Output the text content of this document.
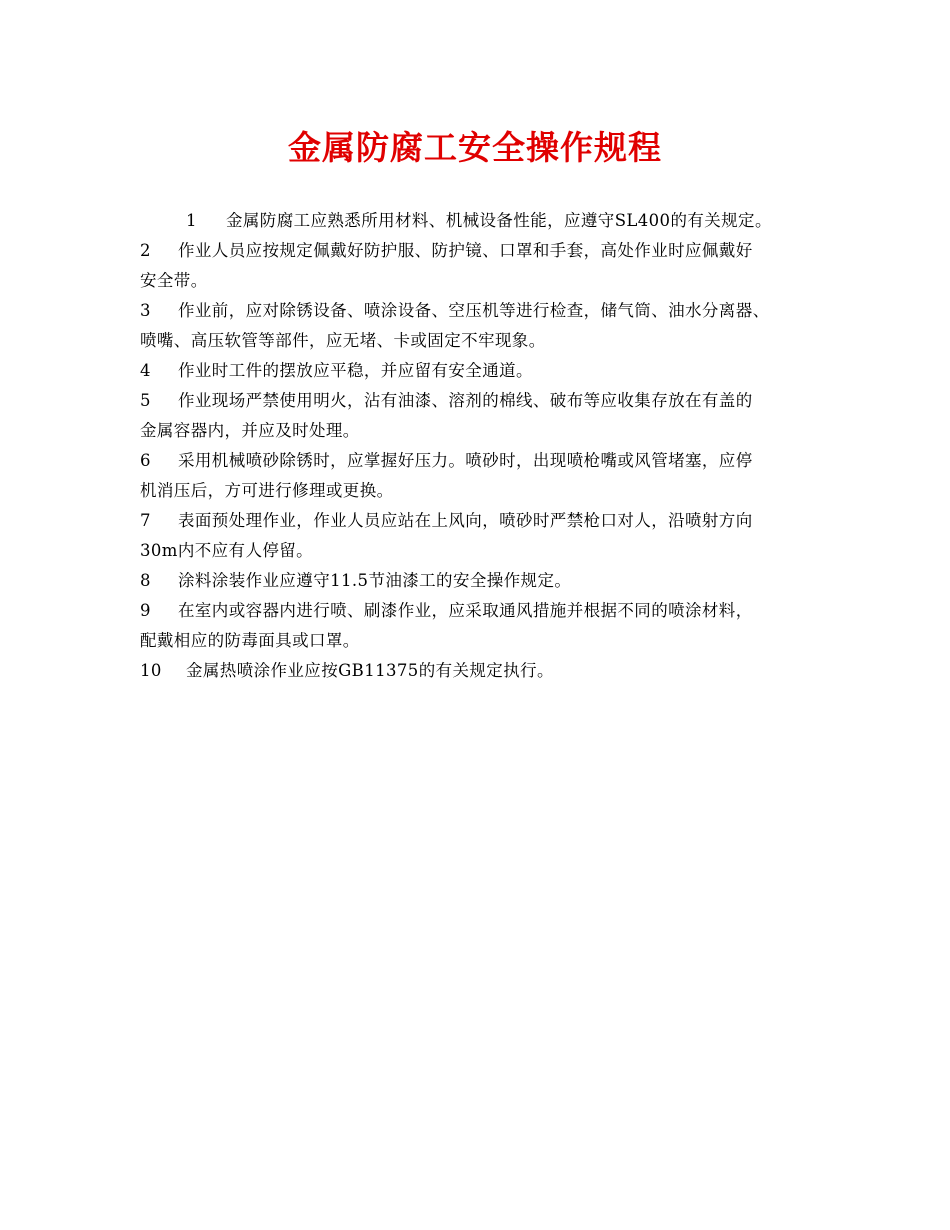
金属防腐工安全操作规程

1 金属防腐工应熟悉所用材料、机械设备性能，应遵守SL400的有关规定。

2 作业人员应按规定佩戴好防护服、防护镜、口罩和手套，高处作业时应佩戴好
安全带。

3 作业前，应对除锈设备、喷涂设备、空压机等进行检查，储气筒、油水分离器、
喷嘴、高压软管等部件，应无堵、卡或固定不牢现象。

4 作业时工件的摆放应平稳，并应留有安全通道。

5 作业现场严禁使用明火，沾有油漆、溶剂的棉线、破布等应收集存放在有盖的
金属容器内，并应及时处理。

6 采用机械喷砂除锈时，应掌握好压力。喷砂时，出现喷枪嘴或风管堵塞，应停
机消压后，方可进行修理或更换。

7 表面预处理作业，作业人员应站在上风向，喷砂时严禁枪口对人，沿喷射方向
30m内不应有人停留。

8 涂料涂装作业应遵守11.5节油漆工的安全操作规定。

9 在室内或容器内进行喷、刷漆作业，应采取通风措施并根据不同的喷涂材料，
配戴相应的防毒面具或口罩。

10 金属热喷涂作业应按GB11375的有关规定执行。
